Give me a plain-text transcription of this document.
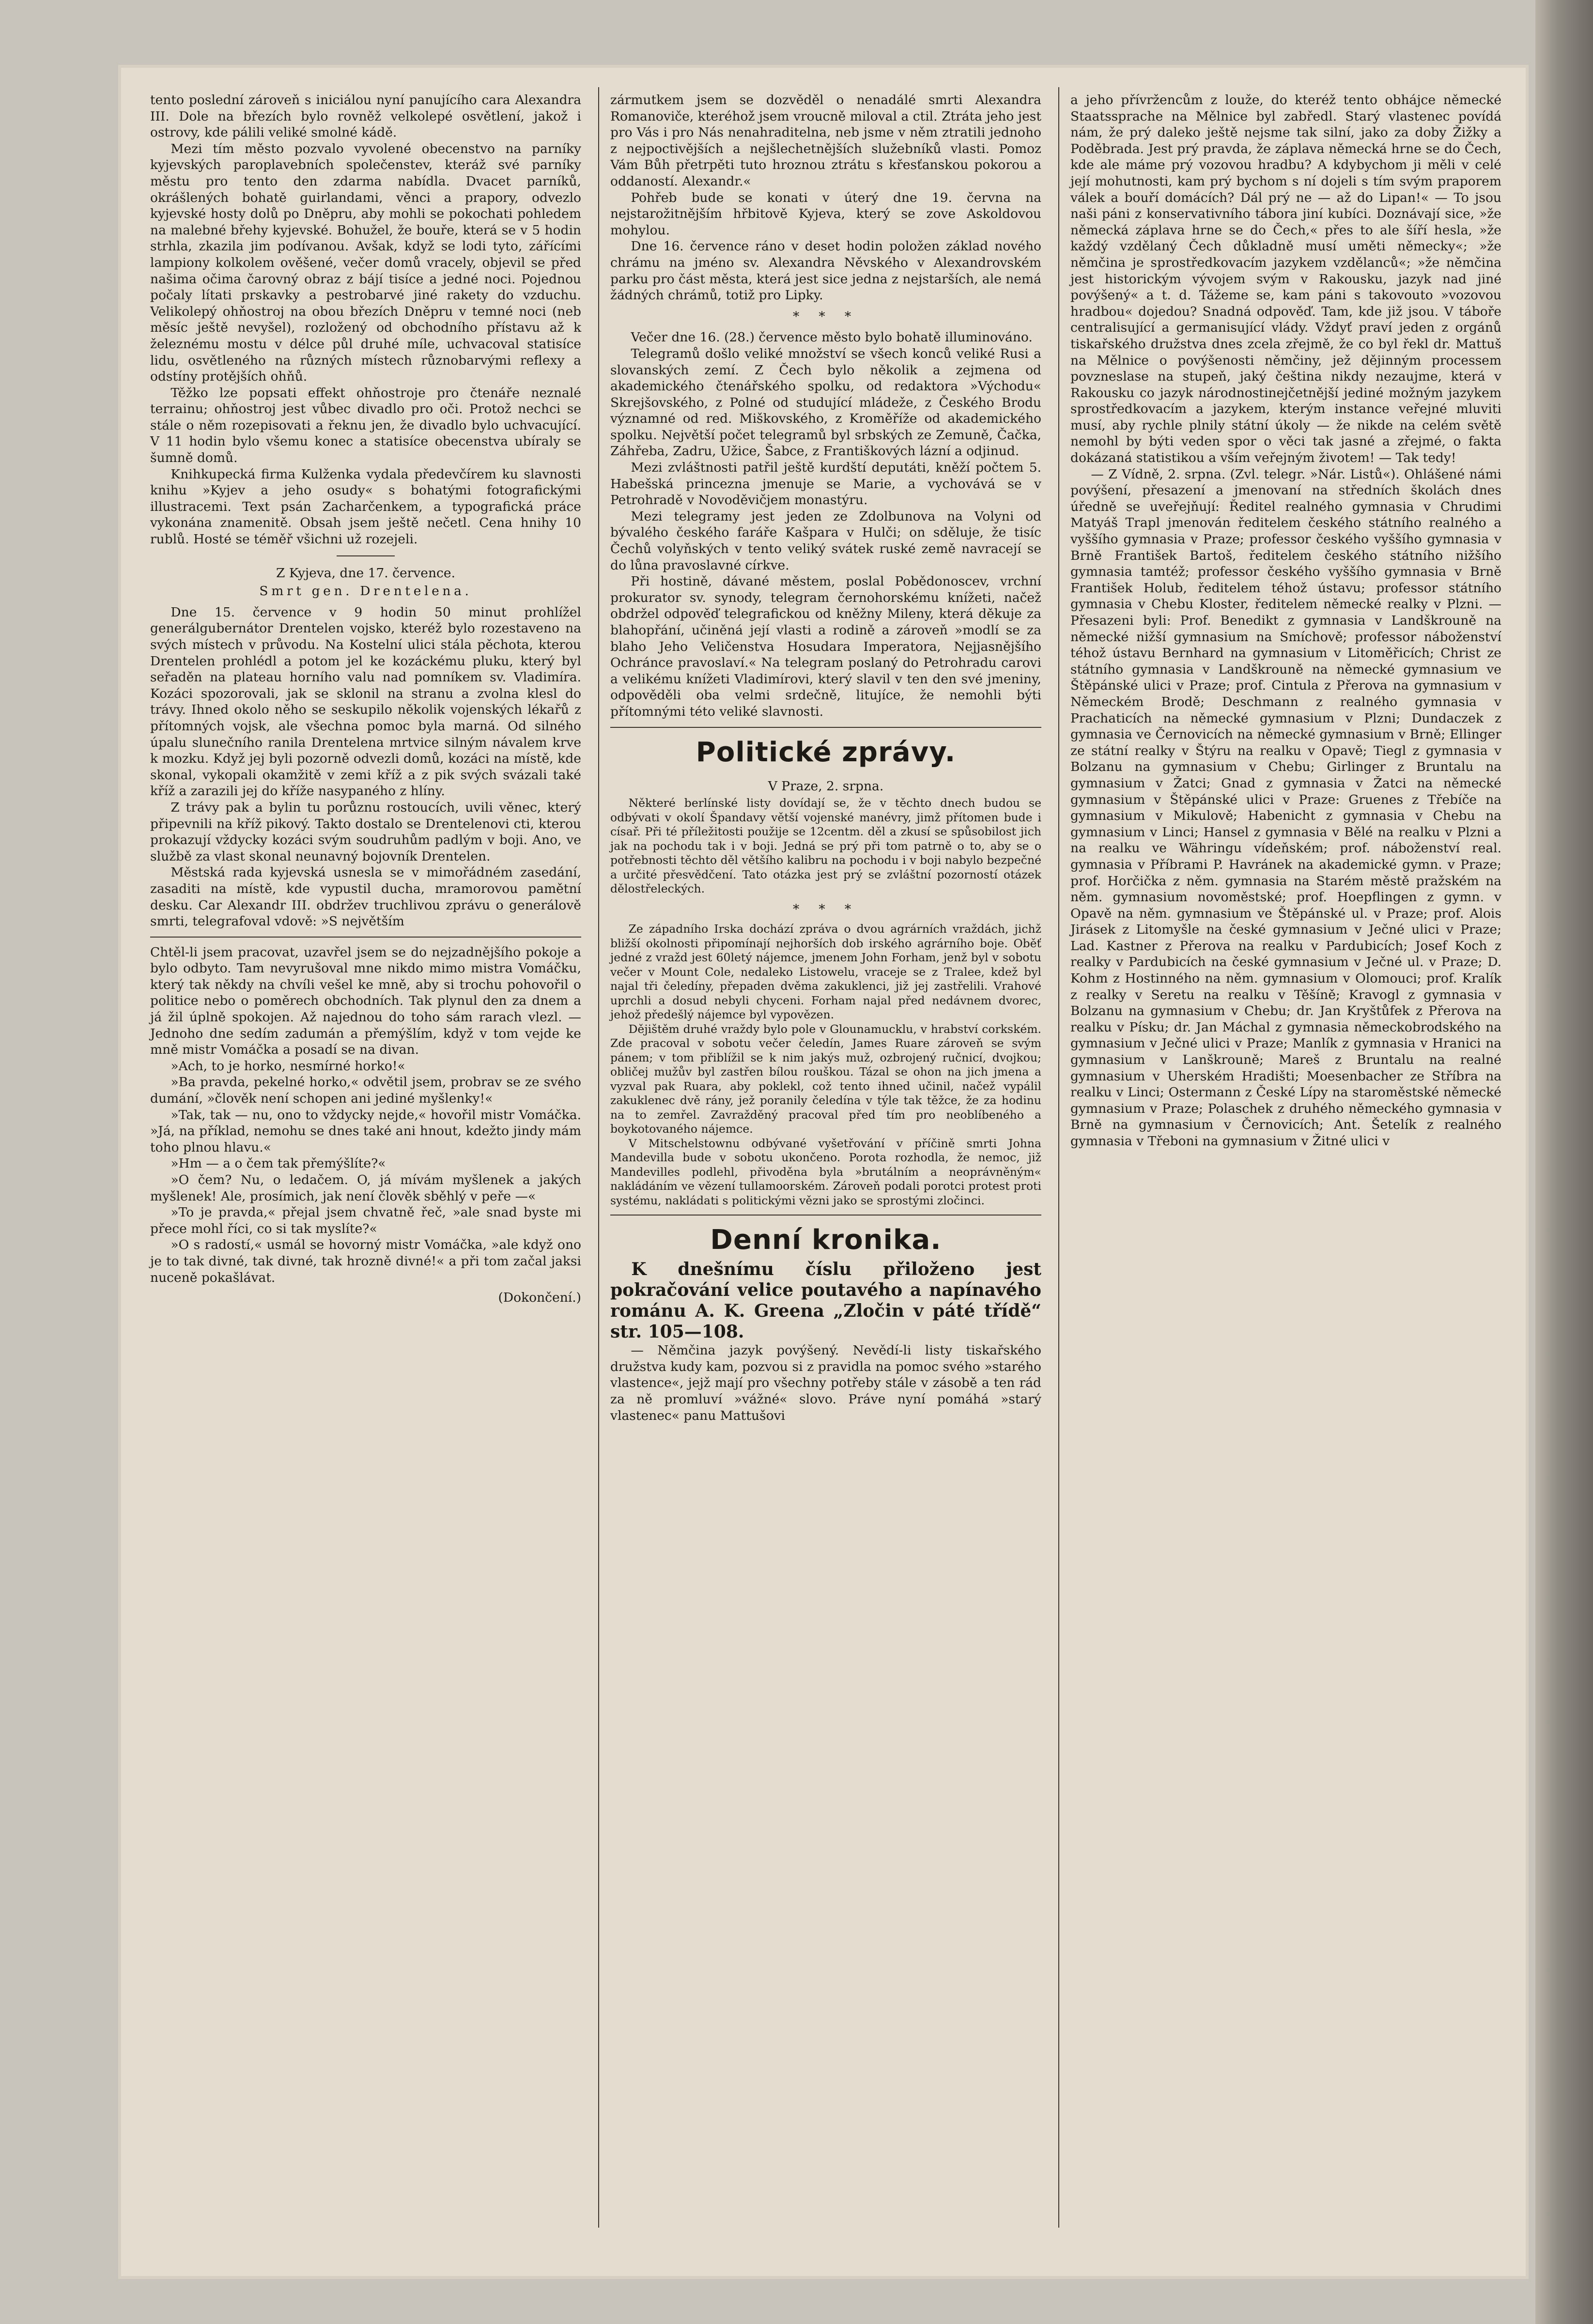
tento poslední zároveň s iniciálou nyní panujícího cara Alexandra III. Dole na březích bylo rovněž velkolepé osvětlení, jakož i ostrovy, kde pálili veliké smolné kádě.

Mezi tím město pozvalo vyvolené obecenstvo na parníky kyjevských paroplavebních společenstev, kteráž své parníky městu pro tento den zdarma nabídla. Dvacet parníků, okrášlených bohatě guirlandami, věnci a prapory, odvezlo kyjevské hosty dolů po Dněpru, aby mohli se pokochati pohledem na malebné břehy kyjevské. Bohužel, že bouře, která se v 5 hodin strhla, zkazila jim podívanou. Avšak, když se lodi tyto, zářícími lampiony kolkolem ověšené, večer domů vracely, objevil se před našima očima čarovný obraz z bájí tisíce a jedné noci. Pojednou počaly lítati prskavky a pestrobarvé jiné rakety do vzduchu. Velikolepý ohňostroj na obou březích Dněpru v temné noci (neb měsíc ještě nevyšel), rozložený od obchodního přístavu až k železnému mostu v délce půl druhé míle, uchvacoval statisíce lidu, osvětleného na různých místech různobarvými reflexy a odstíny protějších ohňů.

Těžko lze popsati effekt ohňostroje pro čtenáře neznalé terrainu; ohňostroj jest vůbec divadlo pro oči. Protož nechci se stále o něm rozepisovati a řeknu jen, že divadlo bylo uchvacující. V 11 hodin bylo všemu konec a statisíce obecenstva ubíraly se šumně domů.

Knihkupecká firma Kulženka vydala předevčírem ku slavnosti knihu »Kyjev a jeho osudy« s bohatými fotografickými illustracemi. Text psán Zacharčenkem, a typografická práce vykonána znamenitě. Obsah jsem ještě nečetl. Cena hnihy 10 rublů. Hosté se téměř všichni už rozejeli.

Z Kyjeva, dne 17. července.

Smrt gen. Drentelena.

Dne 15. července v 9 hodin 50 minut prohlížel generálgubernátor Drentelen vojsko, kteréž bylo rozestaveno na svých místech v průvodu. Na Kostelní ulici stála pěchota, kterou Drentelen prohlédl a potom jel ke kozáckému pluku, který byl seřaděn na plateau horního valu nad pomníkem sv. Vladimíra. Kozáci spozorovali, jak se sklonil na stranu a zvolna klesl do trávy. Ihned okolo něho se seskupilo několik vojenských lékařů z přítomných vojsk, ale všechna pomoc byla marná. Od silného úpalu slunečního ranila Drentelena mrtvice silným návalem krve k mozku. Když jej byli pozorně odvezli domů, kozáci na místě, kde skonal, vykopali okamžitě v zemi kříž a z pik svých svázali také kříž a zarazili jej do kříže nasypaného z hlíny.

Z trávy pak a bylin tu porůznu rostoucích, uvili věnec, který připevnili na kříž pikový. Takto dostalo se Drentelenovi cti, kterou prokazují vždycky kozáci svým soudruhům padlým v boji. Ano, ve službě za vlast skonal neunavný bojovník Drentelen.

Městská rada kyjevská usnesla se v mimořádném zasedání, zasaditi na místě, kde vypustil ducha, mramorovou pamětní desku. Car Alexandr III. obdržev truchlivou zprávu o generálově smrti, telegrafoval vdově: »S největším

Chtěl-li jsem pracovat, uzavřel jsem se do nejzadnějšího pokoje a bylo odbyto. Tam nevyrušoval mne nikdo mimo mistra Vomáčku, který tak někdy na chvíli vešel ke mně, aby si trochu pohovořil o politice nebo o poměrech obchodních. Tak plynul den za dnem a já žil úplně spokojen. Až najednou do toho sám rarach vlezl. — Jednoho dne sedím zadumán a přemýšlím, když v tom vejde ke mně mistr Vomáčka a posadí se na divan.

»Ach, to je horko, nesmírné horko!«

»Ba pravda, pekelné horko,« odvětil jsem, probrav se ze svého dumání, »člověk není schopen ani jediné myšlenky!«

»Tak, tak — nu, ono to vždycky nejde,« hovořil mistr Vomáčka. »Já, na příklad, nemohu se dnes také ani hnout, kdežto jindy mám toho plnou hlavu.«

»Hm — a o čem tak přemýšlíte?«

»O čem? Nu, o ledačem. O, já mívám myšlenek a jakých myšlenek! Ale, prosímich, jak není člověk sběhlý v peře —«

»To je pravda,« přejal jsem chvatně řeč, »ale snad byste mi přece mohl říci, co si tak myslíte?«

»O s radostí,« usmál se hovorný mistr Vomáčka, »ale když ono je to tak divné, tak divné, tak hrozně divné!« a při tom začal jaksi nuceně pokašlávat.

(Dokončení.)

zármutkem jsem se dozvěděl o nenadálé smrti Alexandra Romanoviče, kteréhož jsem vroucně miloval a ctil. Ztráta jeho jest pro Vás i pro Nás nenahraditelna, neb jsme v něm ztratili jednoho z nejpoctivějších a nejšlechetnějších služebníků vlasti. Pomoz Vám Bůh přetrpěti tuto hroznou ztrátu s křesťanskou pokorou a oddaností. Alexandr.«

Pohřeb bude se konati v úterý dne 19. června na nejstarožitnějším hřbitově Kyjeva, který se zove Askoldovou mohylou.

Dne 16. července ráno v deset hodin položen základ nového chrámu na jméno sv. Alexandra Něvského v Alexandrovském parku pro část města, která jest sice jedna z nejstarších, ale nemá žádných chrámů, totiž pro Lipky.

* * *

Večer dne 16. (28.) července město bylo bohatě illuminováno.

Telegramů došlo veliké množství se všech konců veliké Rusi a slovanských zemí. Z Čech bylo několik a zejmena od akademického čtenářského spolku, od redaktora »Východu« Skrejšovského, z Polné od studující mládeže, z Českého Brodu významné od red. Miškovského, z Kroměříže od akademického spolku. Největší počet telegramů byl srbských ze Zemuně, Čačka, Záhřeba, Zadru, Užice, Šabce, z Františkových lázní a odjinud.

Mezi zvláštnosti patřil ještě kurdští deputáti, kněží počtem 5. Habešská princezna jmenuje se Marie, a vychovává se v Petrohradě v Novoděvičjem monastýru.

Mezi telegramy jest jeden ze Zdolbunova na Volyni od bývalého českého faráře Kašpara v Hulči; on sděluje, že tisíc Čechů volyňských v tento veliký svátek ruské země navracejí se do lůna pravoslavné církve.

Při hostině, dávané městem, poslal Pobědonoscev, vrchní prokurator sv. synody, telegram černohorskému knížeti, načež obdržel odpověď telegrafickou od kněžny Mileny, která děkuje za blahopřání, učiněná její vlasti a rodině a zároveň »modlí se za blaho Jeho Veličenstva Hosudara Imperatora, Nejjasnějšího Ochránce pravoslaví.« Na telegram poslaný do Petrohradu carovi a velikému knížeti Vladimírovi, který slavil v ten den své jmeniny, odpověděli oba velmi srdečně, litujíce, že nemohli býti přítomnými této veliké slavnosti.

Politické zprávy.

V Praze, 2. srpna.

Některé berlínské listy dovídají se, že v těchto dnech budou se odbývati v okolí Špandavy větší vojenské manévry, jimž přítomen bude i císař. Při té příležitosti použije se 12centm. děl a zkusí se spůsobilost jich jak na pochodu tak i v boji. Jedná se prý při tom patrně o to, aby se o potřebnosti těchto děl většího kalibru na pochodu i v boji nabylo bezpečné a určité přesvědčení. Tato otázka jest prý se zvláštní pozorností otázek dělostřeleckých.

* * *

Ze západního Irska dochází zpráva o dvou agrárních vraždách, jichž bližší okolnosti připomínají nejhorších dob irského agrárního boje. Oběť jedné z vražd jest 60letý nájemce, jmenem John Forham, jenž byl v sobotu večer v Mount Cole, nedaleko Listowelu, vraceje se z Tralee, kdež byl najal tři čeledíny, přepaden dvěma zakuklenci, již jej zastřelili. Vrahové uprchli a dosud nebyli chyceni. Forham najal před nedávnem dvorec, jehož předešlý nájemce byl vypovězen.

Dějištěm druhé vraždy bylo pole v Glounamucklu, v hrabství corkském. Zde pracoval v sobotu večer čeledín, James Ruare zároveň se svým pánem; v tom přiblížil se k nim jakýs muž, ozbrojený ručnicí, dvojkou; obličej mužův byl zastřen bílou rouškou. Tázal se ohon na jich jmena a vyzval pak Ruara, aby poklekl, což tento ihned učinil, načež vypálil zakuklenec dvě rány, jež poranily čeledína v týle tak těžce, že za hodinu na to zemřel. Zavražděný pracoval před tím pro neoblíbeného a boykotovaného nájemce.

V Mitschelstownu odbývané vyšetřování v příčině smrti Johna Mandevilla bude v sobotu ukončeno. Porota rozhodla, že nemoc, již Mandevilles podlehl, přivoděna byla »brutálním a neoprávněným« nakládáním ve vězení tullamoorském. Zároveň podali porotci protest proti systému, nakládati s politickými vězni jako se sprostými zločinci.

Denní kronika.

K dnešnímu číslu přiloženo jest pokračování velice poutavého a napínavého románu A. K. Greena „Zločin v páté třídě“ str. 105—108.

— Němčina jazyk povýšený. Nevědí-li listy tiskařského družstva kudy kam, pozvou si z pravidla na pomoc svého »starého vlastence«, jejž mají pro všechny potřeby stále v zásobě a ten rád za ně promluví »vážné« slovo. Práve nyní pomáhá »starý vlastenec« panu Mattušovi

a jeho přívržencům z louže, do kteréž tento obhájce německé Staatssprache na Mělnice byl zabředl. Starý vlastenec povídá nám, že prý daleko ještě nejsme tak silní, jako za doby Žižky a Poděbrada. Jest prý pravda, že záplava německá hrne se do Čech, kde ale máme prý vozovou hradbu? A kdybychom ji měli v celé její mohutnosti, kam prý bychom s ní dojeli s tím svým praporem válek a bouří domácích? Dál prý ne — až do Lipan!« — To jsou naši páni z konservativního tábora jiní kubíci. Doznávají sice, »že německá záplava hrne se do Čech,« přes to ale šíří hesla, »že každý vzdělaný Čech důkladně musí uměti německy«; »že němčina je sprostředkovacím jazykem vzdělanců«; »že němčina jest historickým vývojem svým v Rakousku, jazyk nad jiné povýšený« a t. d. Tážeme se, kam páni s takovouto »vozovou hradbou« dojedou? Snadná odpověď. Tam, kde již jsou. V táboře centralisující a germanisující vlády. Vždyť praví jeden z orgánů tiskařského družstva dnes zcela zřejmě, že co byl řekl dr. Mattuš na Mělnice o povýšenosti němčiny, jež dějinným processem povzneslase na stupeň, jaký čeština nikdy nezaujme, která v Rakousku co jazyk národnostinejčetnější jediné možným jazykem sprostředkovacím a jazykem, kterým instance veřejné mluviti musí, aby rychle plnily státní úkoly — že nikde na celém světě nemohl by býti veden spor o věci tak jasné a zřejmé, o fakta dokázaná statistikou a vším veřejným životem! — Tak tedy!

— Z Vídně, 2. srpna. (Zvl. telegr. »Nár. Listů«). Ohlášené námi povýšení, přesazení a jmenovaní na středních školách dnes úředně se uveřejňují: Ředitel realného gymnasia v Chrudimi Matyáš Trapl jmenován ředitelem českého státního realného a vyššího gymnasia v Praze; professor českého vyššího gymnasia v Brně František Bartoš, ředitelem českého státního nižšího gymnasia tamtéž; professor českého vyššího gymnasia v Brně František Holub, ředitelem téhož ústavu; professor státního gymnasia v Chebu Kloster, ředitelem německé realky v Plzni. — Přesazeni byli: Prof. Benedikt z gymnasia v Landškrouně na německé nižší gymnasium na Smíchově; professor náboženství téhož ústavu Bernhard na gymnasium v Litoměřicích; Christ ze státního gymnasia v Landškrouně na německé gymnasium ve Štěpánské ulici v Praze; prof. Cintula z Přerova na gymnasium v Německém Brodě; Deschmann z realného gymnasia v Prachaticích na německé gymnasium v Plzni; Dundaczek z gymnasia ve Černovicích na německé gymnasium v Brně; Ellinger ze státní realky v Štýru na realku v Opavě; Tiegl z gymnasia v Bolzanu na gymnasium v Chebu; Girlinger z Bruntalu na gymnasium v Žatci; Gnad z gymnasia v Žatci na německé gymnasium v Štěpánské ulici v Praze: Gruenes z Třebíče na gymnasium v Mikulově; Habenicht z gymnasia v Chebu na gymnasium v Linci; Hansel z gymnasia v Bělé na realku v Plzni a na realku ve Währingu vídeňském; prof. náboženství real. gymnasia v Příbrami P. Havránek na akademické gymn. v Praze; prof. Horčička z něm. gymnasia na Starém městě pražském na něm. gymnasium novoměstské; prof. Hoepflingen z gymn. v Opavě na něm. gymnasium ve Štěpánské ul. v Praze; prof. Alois Jirásek z Litomyšle na české gymnasium v Ječné ulici v Praze; Lad. Kastner z Přerova na realku v Pardubicích; Josef Koch z realky v Pardubicích na české gymnasium v Ječné ul. v Praze; D. Kohm z Hostinného na něm. gymnasium v Olomouci; prof. Kralík z realky v Seretu na realku v Těšíně; Kravogl z gymnasia v Bolzanu na gymnasium v Chebu; dr. Jan Kryštůfek z Přerova na realku v Písku; dr. Jan Máchal z gymnasia německobrodského na gymnasium v Ječné ulici v Praze; Manlík z gymnasia v Hranici na gymnasium v Lanškrouně; Mareš z Bruntalu na realné gymnasium v Uherském Hradišti; Moesenbacher ze Stříbra na realku v Linci; Ostermann z České Lípy na staroměstské německé gymnasium v Praze; Polaschek z druhého německého gymnasia v Brně na gymnasium v Černovicích; Ant. Šetelík z realného gymnasia v Třeboni na gymnasium v Žitné ulici v
